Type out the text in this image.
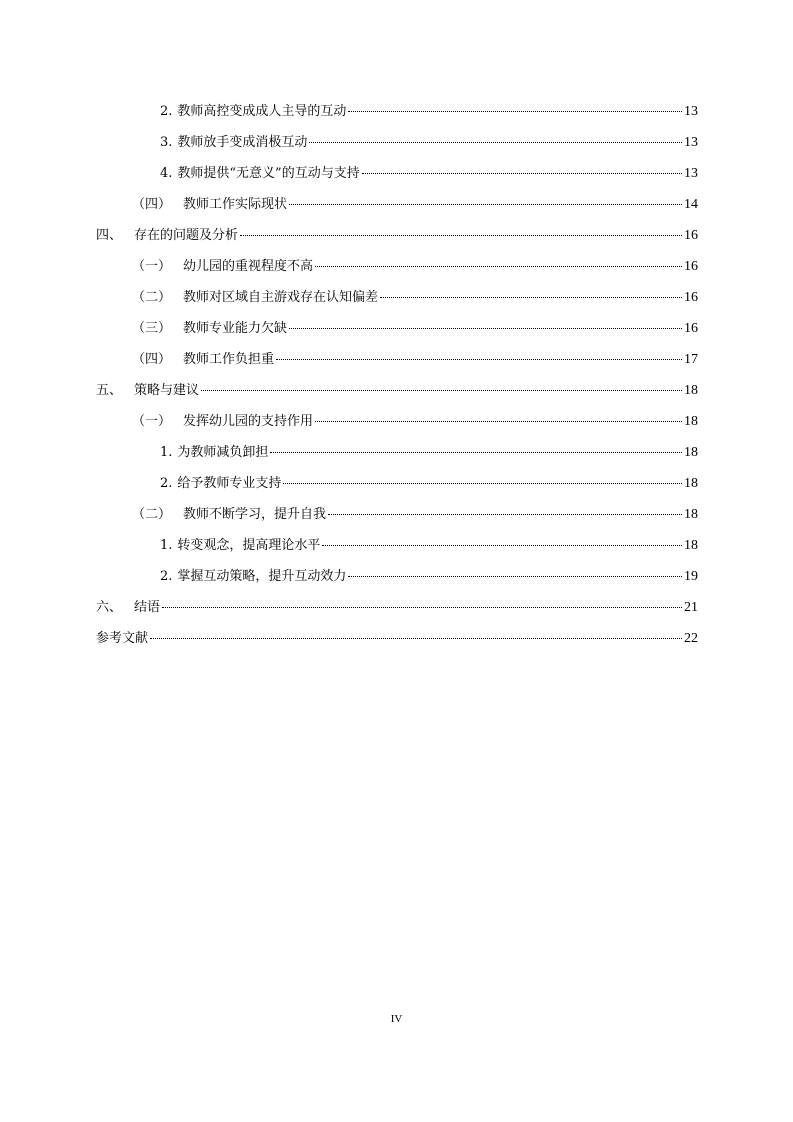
2. 教师高控变成成人主导的互动	13
3. 教师放手变成消极互动	13
4. 教师提供“无意义”的互动与支持	13
（四） 教师工作实际现状	14
四、 存在的问题及分析	16
（一） 幼儿园的重视程度不高	16
（二） 教师对区域自主游戏存在认知偏差	16
（三） 教师专业能力欠缺	16
（四） 教师工作负担重	17
五、 策略与建议	18
（一） 发挥幼儿园的支持作用	18
1. 为教师减负卸担	18
2. 给予教师专业支持	18
（二） 教师不断学习，提升自我	18
1. 转变观念，提高理论水平	18
2. 掌握互动策略，提升互动效力	19
六、 结语	21
参考文献	22
IV
